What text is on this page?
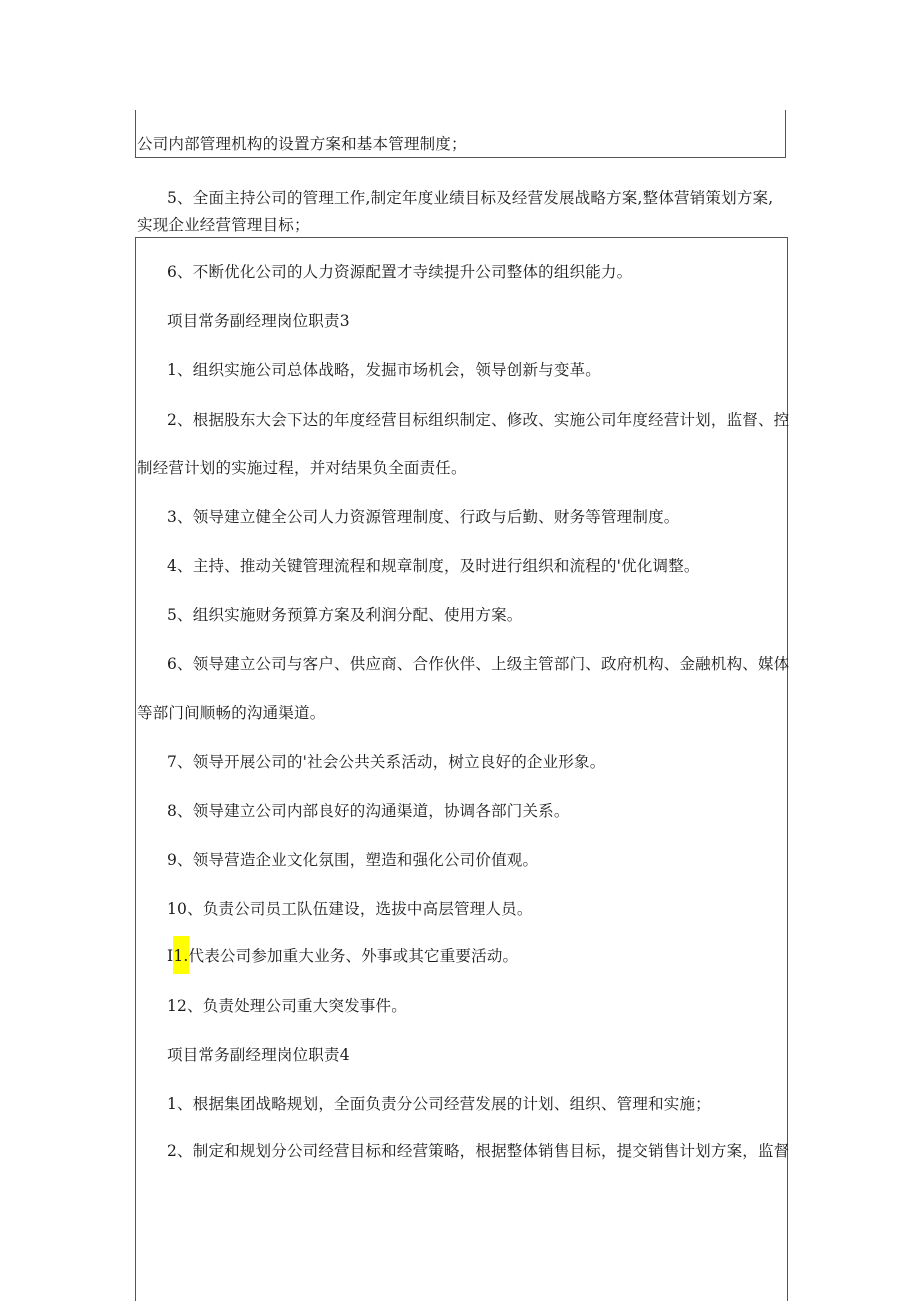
公司内部管理机构的设置方案和基本管理制度；
5、全面主持公司的管理工作,制定年度业绩目标及经营发展战略方案,整体营销策划方案,
实现企业经营管理目标；
6、不断优化公司的人力资源配置才寺续提升公司整体的组织能力。
项目常务副经理岗位职责3
1、组织实施公司总体战略，发掘市场机会，领导创新与变革。
2、根据股东大会下达的年度经营目标组织制定、修改、实施公司年度经营计划，监督、控
制经营计划的实施过程，并对结果负全面责任。
3、领导建立健全公司人力资源管理制度、行政与后勤、财务等管理制度。
4、主持、推动关键管理流程和规章制度，及时进行组织和流程的'优化调整。
5、组织实施财务预算方案及利润分配、使用方案。
6、领导建立公司与客户、供应商、合作伙伴、上级主管部门、政府机构、金融机构、媒体
等部门间顺畅的沟通渠道。
7、领导开展公司的'社会公共关系活动，树立良好的企业形象。
8、领导建立公司内部良好的沟通渠道，协调各部门关系。
9、领导营造企业文化氛围，塑造和强化公司价值观。
10、负责公司员工队伍建设，选拔中高层管理人员。
I1.代表公司参加重大业务、外事或其它重要活动。
12、负责处理公司重大突发事件。
项目常务副经理岗位职责4
1、根据集团战略规划，全面负责分公司经营发展的计划、组织、管理和实施；
2、制定和规划分公司经营目标和经营策略，根据整体销售目标，提交销售计划方案，监督
